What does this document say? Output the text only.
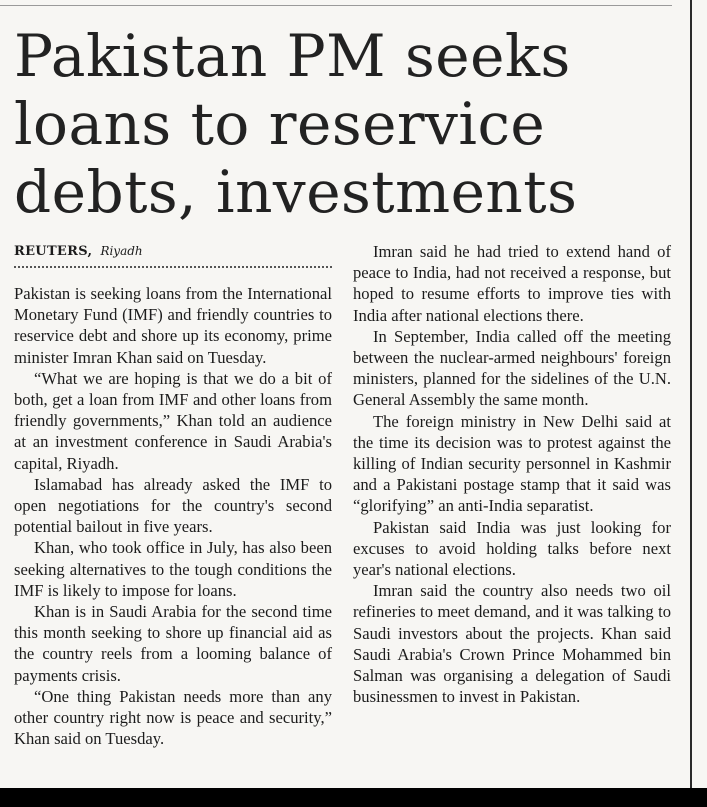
Pakistan PM seeks loans to reservice debts, investments
REUTERS, Riyadh

Pakistan is seeking loans from the International Monetary Fund (IMF) and friendly countries to reservice debt and shore up its economy, prime minister Imran Khan said on Tuesday.

“What we are hoping is that we do a bit of both, get a loan from IMF and other loans from friendly governments,” Khan told an audience at an investment conference in Saudi Arabia's capital, Riyadh.

Islamabad has already asked the IMF to open negotiations for the country's second potential bailout in five years.

Khan, who took office in July, has also been seeking alternatives to the tough conditions the IMF is likely to impose for loans.

Khan is in Saudi Arabia for the second time this month seeking to shore up financial aid as the country reels from a looming balance of payments crisis.

“One thing Pakistan needs more than any other country right now is peace and security,” Khan said on Tuesday.

Imran said he had tried to extend hand of peace to India, had not received a response, but hoped to resume efforts to improve ties with India after national elections there.

In September, India called off the meeting between the nuclear-armed neighbours' foreign ministers, planned for the sidelines of the U.N. General Assembly the same month.

The foreign ministry in New Delhi said at the time its decision was to protest against the killing of Indian security personnel in Kashmir and a Pakistani postage stamp that it said was “glorifying” an anti-India separatist.

Pakistan said India was just looking for excuses to avoid holding talks before next year's national elections.

Imran said the country also needs two oil refineries to meet demand, and it was talking to Saudi investors about the projects. Khan said Saudi Arabia's Crown Prince Mohammed bin Salman was organising a delegation of Saudi businessmen to invest in Pakistan.
